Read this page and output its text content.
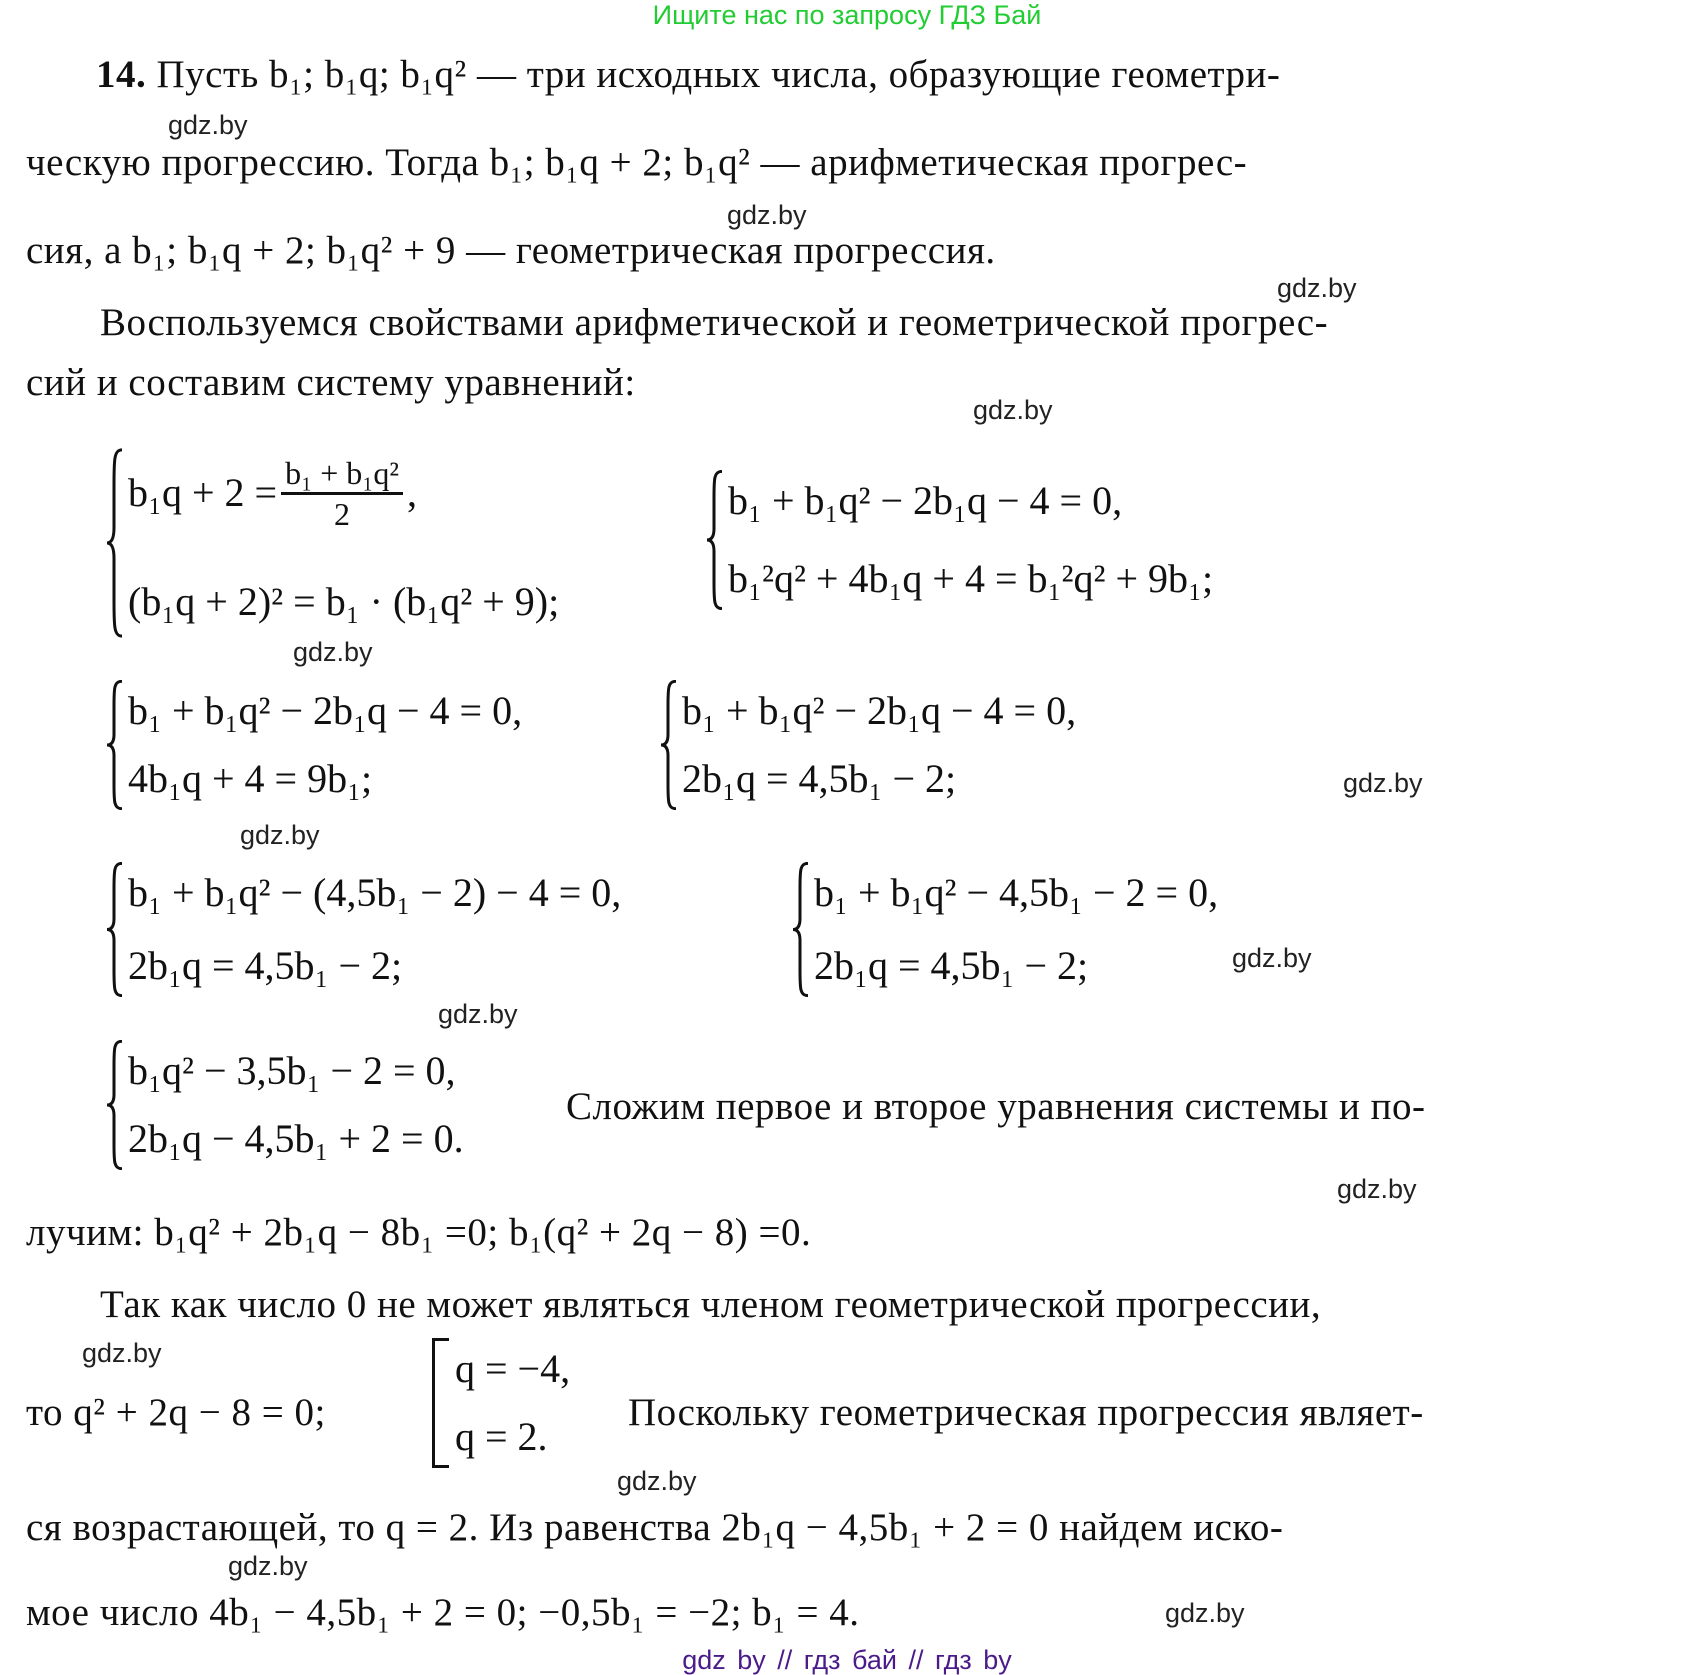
Ищите нас по запросу ГДЗ Бай
14. Пусть b₁; b₁q; b₁q² — три исходных числа, образующие геометри-
gdz.by
ческую прогрессию. Тогда b₁; b₁q + 2; b₁q² — арифметическая прогрес-
gdz.by
сия, а b₁; b₁q + 2; b₁q² + 9 — геометрическая прогрессия.
gdz.by
Воспользуемся свойствами арифметической и геометрической прогрес-
сий и составим систему уравнений:
gdz.by
$b_1q + 2 = \frac{\text{b₁ + b₁q²}}{2}$ ,
(b₁q + 2)² = b₁ · (b₁q² + 9);
gdz.by
b₁ + b₁q² − 2b₁q − 4 = 0,
b₁²q² + 4b₁q + 4 = b₁²q² + 9b₁;
b₁ + b₁q² − 2b₁q − 4 = 0,
4b₁q + 4 = 9b₁;
gdz.by
b₁ + b₁q² − 2b₁q − 4 = 0,
2b₁q = 4,5b₁ − 2;	gdz.by
b₁ + b₁q² − (4,5b₁ − 2) − 4 = 0,
2b₁q = 4,5b₁ − 2;
gdz.by
b₁ + b₁q² − 4,5b₁ − 2 = 0,
2b₁q = 4,5b₁ − 2;	gdz.by
b₁q² − 3,5b₁ − 2 = 0,
2b₁q − 4,5b₁ + 2 = 0.
Сложим первое и второе уравнения системы и по-
gdz.by
лучим: b₁q² + 2b₁q − 8b₁ =0; b₁(q² + 2q − 8) =0.
Так как число 0 не может являться членом геометрической прогрессии,
gdz.by
то q² + 2q − 8 = 0;
q = −4,
q = 2.
Поскольку геометрическая прогрессия являет-
gdz.by
ся возрастающей, то q = 2. Из равенства 2b₁q − 4,5b₁ + 2 = 0 найдем иско-
gdz.by
мое число 4b₁ − 4,5b₁ + 2 = 0; −0,5b₁ = −2; b₁ = 4.	gdz.by
gdz by // гдз бай // гдз by
